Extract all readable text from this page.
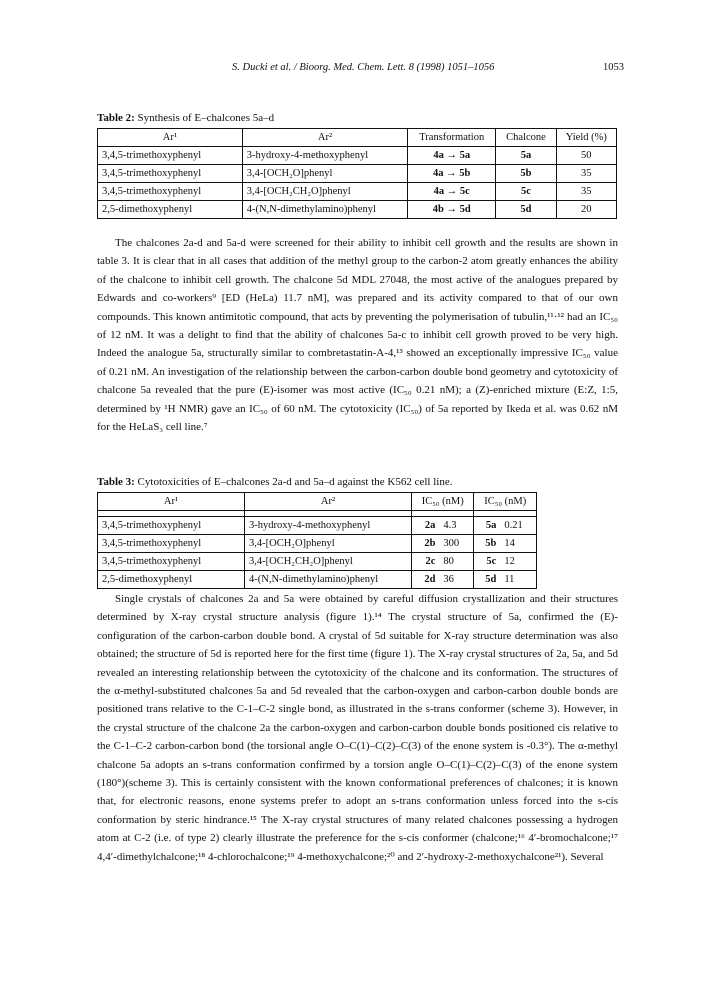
S. Ducki et al. / Bioorg. Med. Chem. Lett. 8 (1998) 1051–1056	1053
Table 2: Synthesis of E–chalcones 5a–d
Ar¹	Ar²	Transformation	Chalcone	Yield (%)
3,4,5-trimethoxyphenyl	3-hydroxy-4-methoxyphenyl	4a → 5a	5a	50
3,4,5-trimethoxyphenyl	3,4-[OCH₂O]phenyl	4a → 5b	5b	35
3,4,5-trimethoxyphenyl	3,4-[OCH₂CH₂O]phenyl	4a → 5c	5c	35
2,5-dimethoxyphenyl	4-(N,N-dimethylamino)phenyl	4b → 5d	5d	20

The chalcones 2a-d and 5a-d were screened for their ability to inhibit cell growth and the results are shown in table 3. It is clear that in all cases that addition of the methyl group to the carbon-2 atom greatly enhances the ability of the chalcone to inhibit cell growth. The chalcone 5d MDL 27048, the most active of the analogues prepared by Edwards and co-workers⁹ [ED (HeLa) 11.7 nM], was prepared and its activity compared to that of our own compounds. This known antimitotic compound, that acts by preventing the polymerisation of tubulin,¹¹·¹² had an IC₅₀ of 12 nM. It was a delight to find that the ability of chalcones 5a-c to inhibit cell growth proved to be very high. Indeed the analogue 5a, structurally similar to combretastatin-A-4,¹³ showed an exceptionally impressive IC₅₀ value of 0.21 nM. An investigation of the relationship between the carbon-carbon double bond geometry and cytotoxicity of chalcone 5a revealed that the pure (E)-isomer was most active (IC₅₀ 0.21 nM); a (Z)-enriched mixture (E:Z, 1:5, determined by ¹H NMR) gave an IC₅₀ of 60 nM. The cytotoxicity (IC₅₀) of 5a reported by Ikeda et al. was 0.62 nM for the HeLaS₃ cell line.⁷

Table 3: Cytotoxicities of E–chalcones 2a-d and 5a–d against the K562 cell line.
Ar¹	Ar²	IC₅₀ (nM)		IC₅₀ (nM)	

3,4,5-trimethoxyphenyl	3-hydroxy-4-methoxyphenyl	2a	4.3	5a	0.21
3,4,5-trimethoxyphenyl	3,4-[OCH₂O]phenyl	2b	300	5b	14
3,4,5-trimethoxyphenyl	3,4-[OCH₂CH₂O]phenyl	2c	80	5c	12
2,5-dimethoxyphenyl	4-(N,N-dimethylamino)phenyl	2d	36	5d	11

Single crystals of chalcones 2a and 5a were obtained by careful diffusion crystallization and their structures determined by X-ray crystal structure analysis (figure 1).¹⁴ The crystal structure of 5a, confirmed the (E)-configuration of the carbon-carbon double bond. A crystal of 5d suitable for X-ray structure determination was also obtained; the structure of 5d is reported here for the first time (figure 1). The X-ray crystal structures of 2a, 5a, and 5d revealed an interesting relationship between the cytotoxicity of the chalcone and its conformation. The structures of the α-methyl-substituted chalcones 5a and 5d revealed that the carbon-oxygen and carbon-carbon double bonds are positioned trans relative to the C-1–C-2 single bond, as illustrated in the s-trans conformer (scheme 3). However, in the crystal structure of the chalcone 2a the carbon-oxygen and carbon-carbon double bonds positioned cis relative to the C-1–C-2 carbon-carbon bond (the torsional angle O–C(1)–C(2)–C(3) of the enone system is -0.3°). The α-methyl chalcone 5a adopts an s-trans conformation confirmed by a torsion angle O–C(1)–C(2)–C(3) of the enone system (180°)(scheme 3). This is certainly consistent with the known conformational preferences of chalcones; it is known that, for electronic reasons, enone systems prefer to adopt an s-trans conformation unless forced into the s-cis conformation by steric hindrance.¹⁵ The X-ray crystal structures of many related chalcones possessing a hydrogen atom at C-2 (i.e. of type 2) clearly illustrate the preference for the s-cis conformer (chalcone;¹⁶ 4′-bromochalcone;¹⁷ 4,4′-dimethylchalcone;¹⁸ 4-chlorochalcone;¹⁹ 4-methoxychalcone;²⁰ and 2′-hydroxy-2-methoxychalcone²¹). Several
